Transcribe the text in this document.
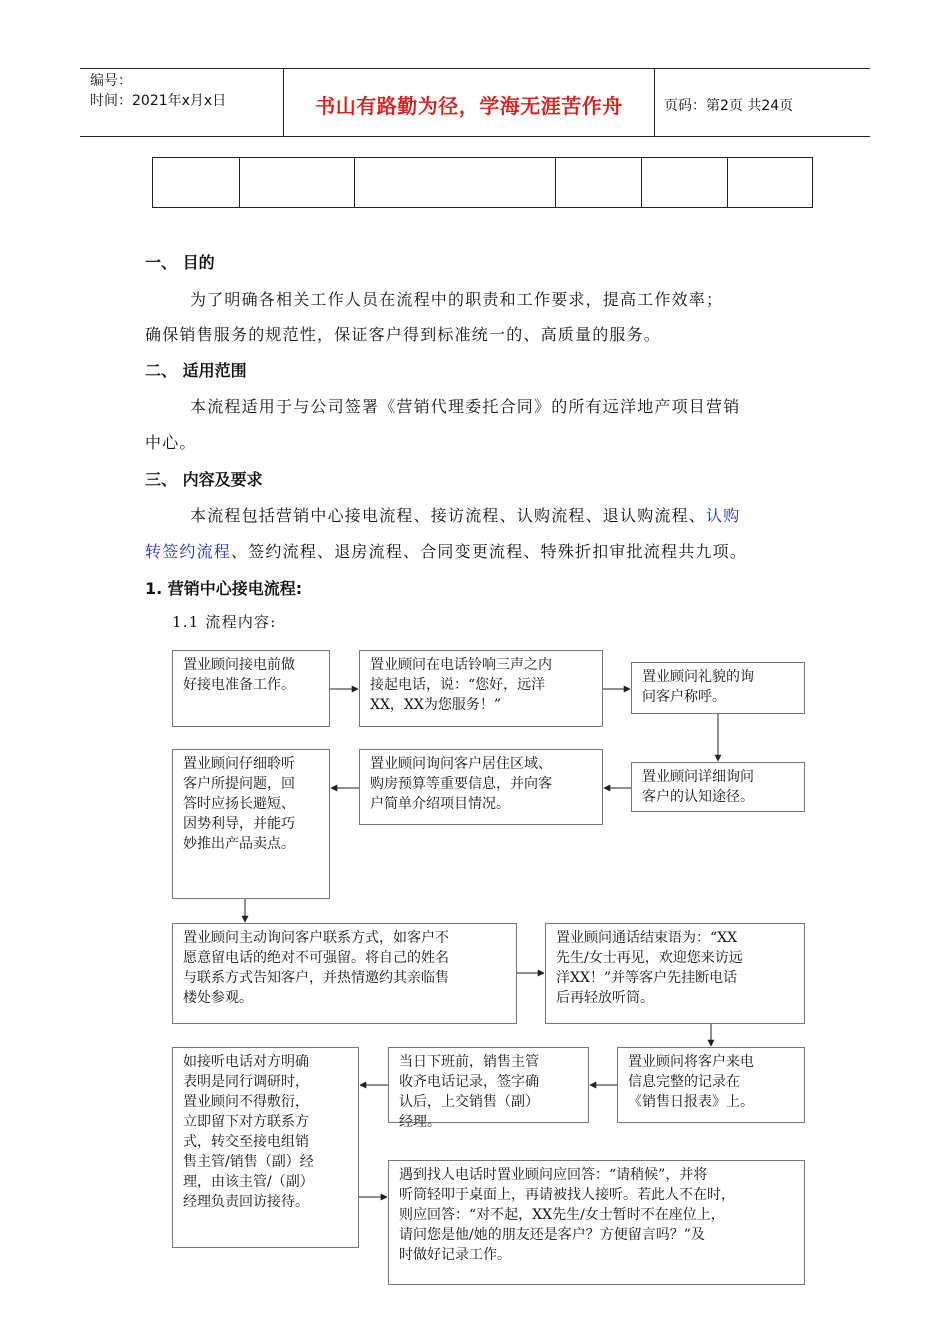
编号：
时间：2021年x月x日	书山有路勤为径，学海无涯苦作舟	页码：第2页 共24页
一、 目的
为了明确各相关工作人员在流程中的职责和工作要求，提高工作效率；
确保销售服务的规范性，保证客户得到标准统一的、高质量的服务。
二、 适用范围
本流程适用于与公司签署《营销代理委托合同》的所有远洋地产项目营销
中心。
三、 内容及要求
本流程包括营销中心接电流程、接访流程、认购流程、退认购流程、认购
转签约流程、签约流程、退房流程、合同变更流程、特殊折扣审批流程共九项。
1. 营销中心接电流程:
1.1 流程内容:
置业顾问接电前做
好接电准备工作。
置业顾问在电话铃响三声之内
接起电话，说：“您好，远洋
XX，XX为您服务！”
置业顾问礼貌的询
问客户称呼。
置业顾问详细询问
客户的认知途径。
置业顾问询问客户居住区域、
购房预算等重要信息，并向客
户简单介绍项目情况。
置业顾问仔细聆听
客户所提问题，回
答时应扬长避短、
因势利导，并能巧
妙推出产品卖点。
置业顾问主动询问客户联系方式，如客户不
愿意留电话的绝对不可强留。将自己的姓名
与联系方式告知客户，并热情邀约其亲临售
楼处参观。
置业顾问通话结束语为：“XX
先生/女士再见，欢迎您来访远
洋XX！”并等客户先挂断电话
后再轻放听筒。
置业顾问将客户来电
信息完整的记录在
《销售日报表》上。
当日下班前，销售主管
收齐电话记录，签字确
认后，上交销售（副）
经理。
如接听电话对方明确
表明是同行调研时，
置业顾问不得敷衍，
立即留下对方联系方
式，转交至接电组销
售主管/销售（副）经
理，由该主管/（副）
经理负责回访接待。
遇到找人电话时置业顾问应回答：“请稍候”，并将
听筒轻叩于桌面上，再请被找人接听。若此人不在时，
则应回答：“对不起，XX先生/女士暂时不在座位上，
请问您是他/她的朋友还是客户？方便留言吗？”及
时做好记录工作。
